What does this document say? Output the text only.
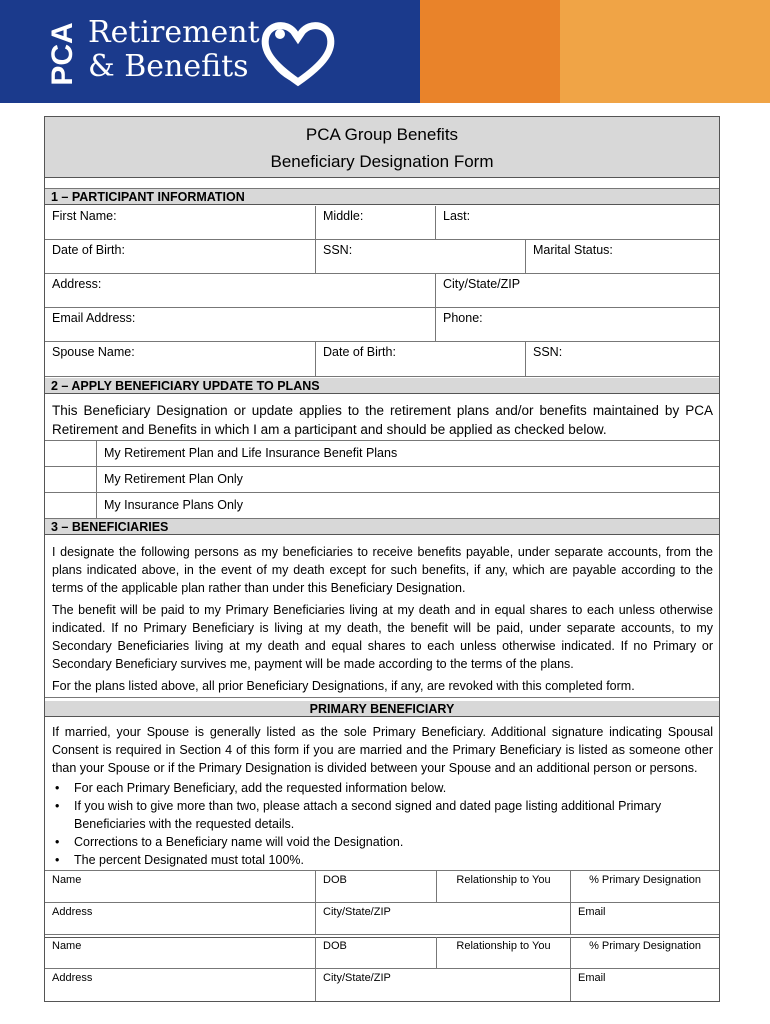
PCA Retirement
& Benefits
PCA Group Benefits
Beneficiary Designation Form
1 – PARTICIPANT INFORMATION
First Name:	Middle:	Last:
Date of Birth:	SSN:	Marital Status:
Address:	City/State/ZIP
Email Address:	Phone:
Spouse Name:	Date of Birth:	SSN:
2 – APPLY BENEFICIARY UPDATE TO PLANS
This Beneficiary Designation or update applies to the retirement plans and/or benefits maintained by PCA Retirement and Benefits in which I am a participant and should be applied as checked below.
My Retirement Plan and Life Insurance Benefit Plans
My Retirement Plan Only
My Insurance Plans Only
3 – BENEFICIARIES
I designate the following persons as my beneficiaries to receive benefits payable, under separate accounts, from the plans indicated above, in the event of my death except for such benefits, if any, which are payable according to the terms of the applicable plan rather than under this Beneficiary Designation.
The benefit will be paid to my Primary Beneficiaries living at my death and in equal shares to each unless otherwise indicated. If no Primary Beneficiary is living at my death, the benefit will be paid, under separate accounts, to my Secondary Beneficiaries living at my death and equal shares to each unless otherwise indicated. If no Primary or Secondary Beneficiary survives me, payment will be made according to the terms of the plans.
For the plans listed above, all prior Beneficiary Designations, if any, are revoked with this completed form.
PRIMARY BENEFICIARY
If married, your Spouse is generally listed as the sole Primary Beneficiary. Additional signature indicating Spousal Consent is required in Section 4 of this form if you are married and the Primary Beneficiary is listed as someone other than your Spouse or if the Primary Designation is divided between your Spouse and an additional person or persons.
• For each Primary Beneficiary, add the requested information below.
• If you wish to give more than two, please attach a second signed and dated page listing additional Primary Beneficiaries with the requested details.
• Corrections to a Beneficiary name will void the Designation.
• The percent Designated must total 100%.
Name	DOB	Relationship to You	% Primary Designation
Address	City/State/ZIP	Email
Name	DOB	Relationship to You	% Primary Designation
Address	City/State/ZIP	Email
